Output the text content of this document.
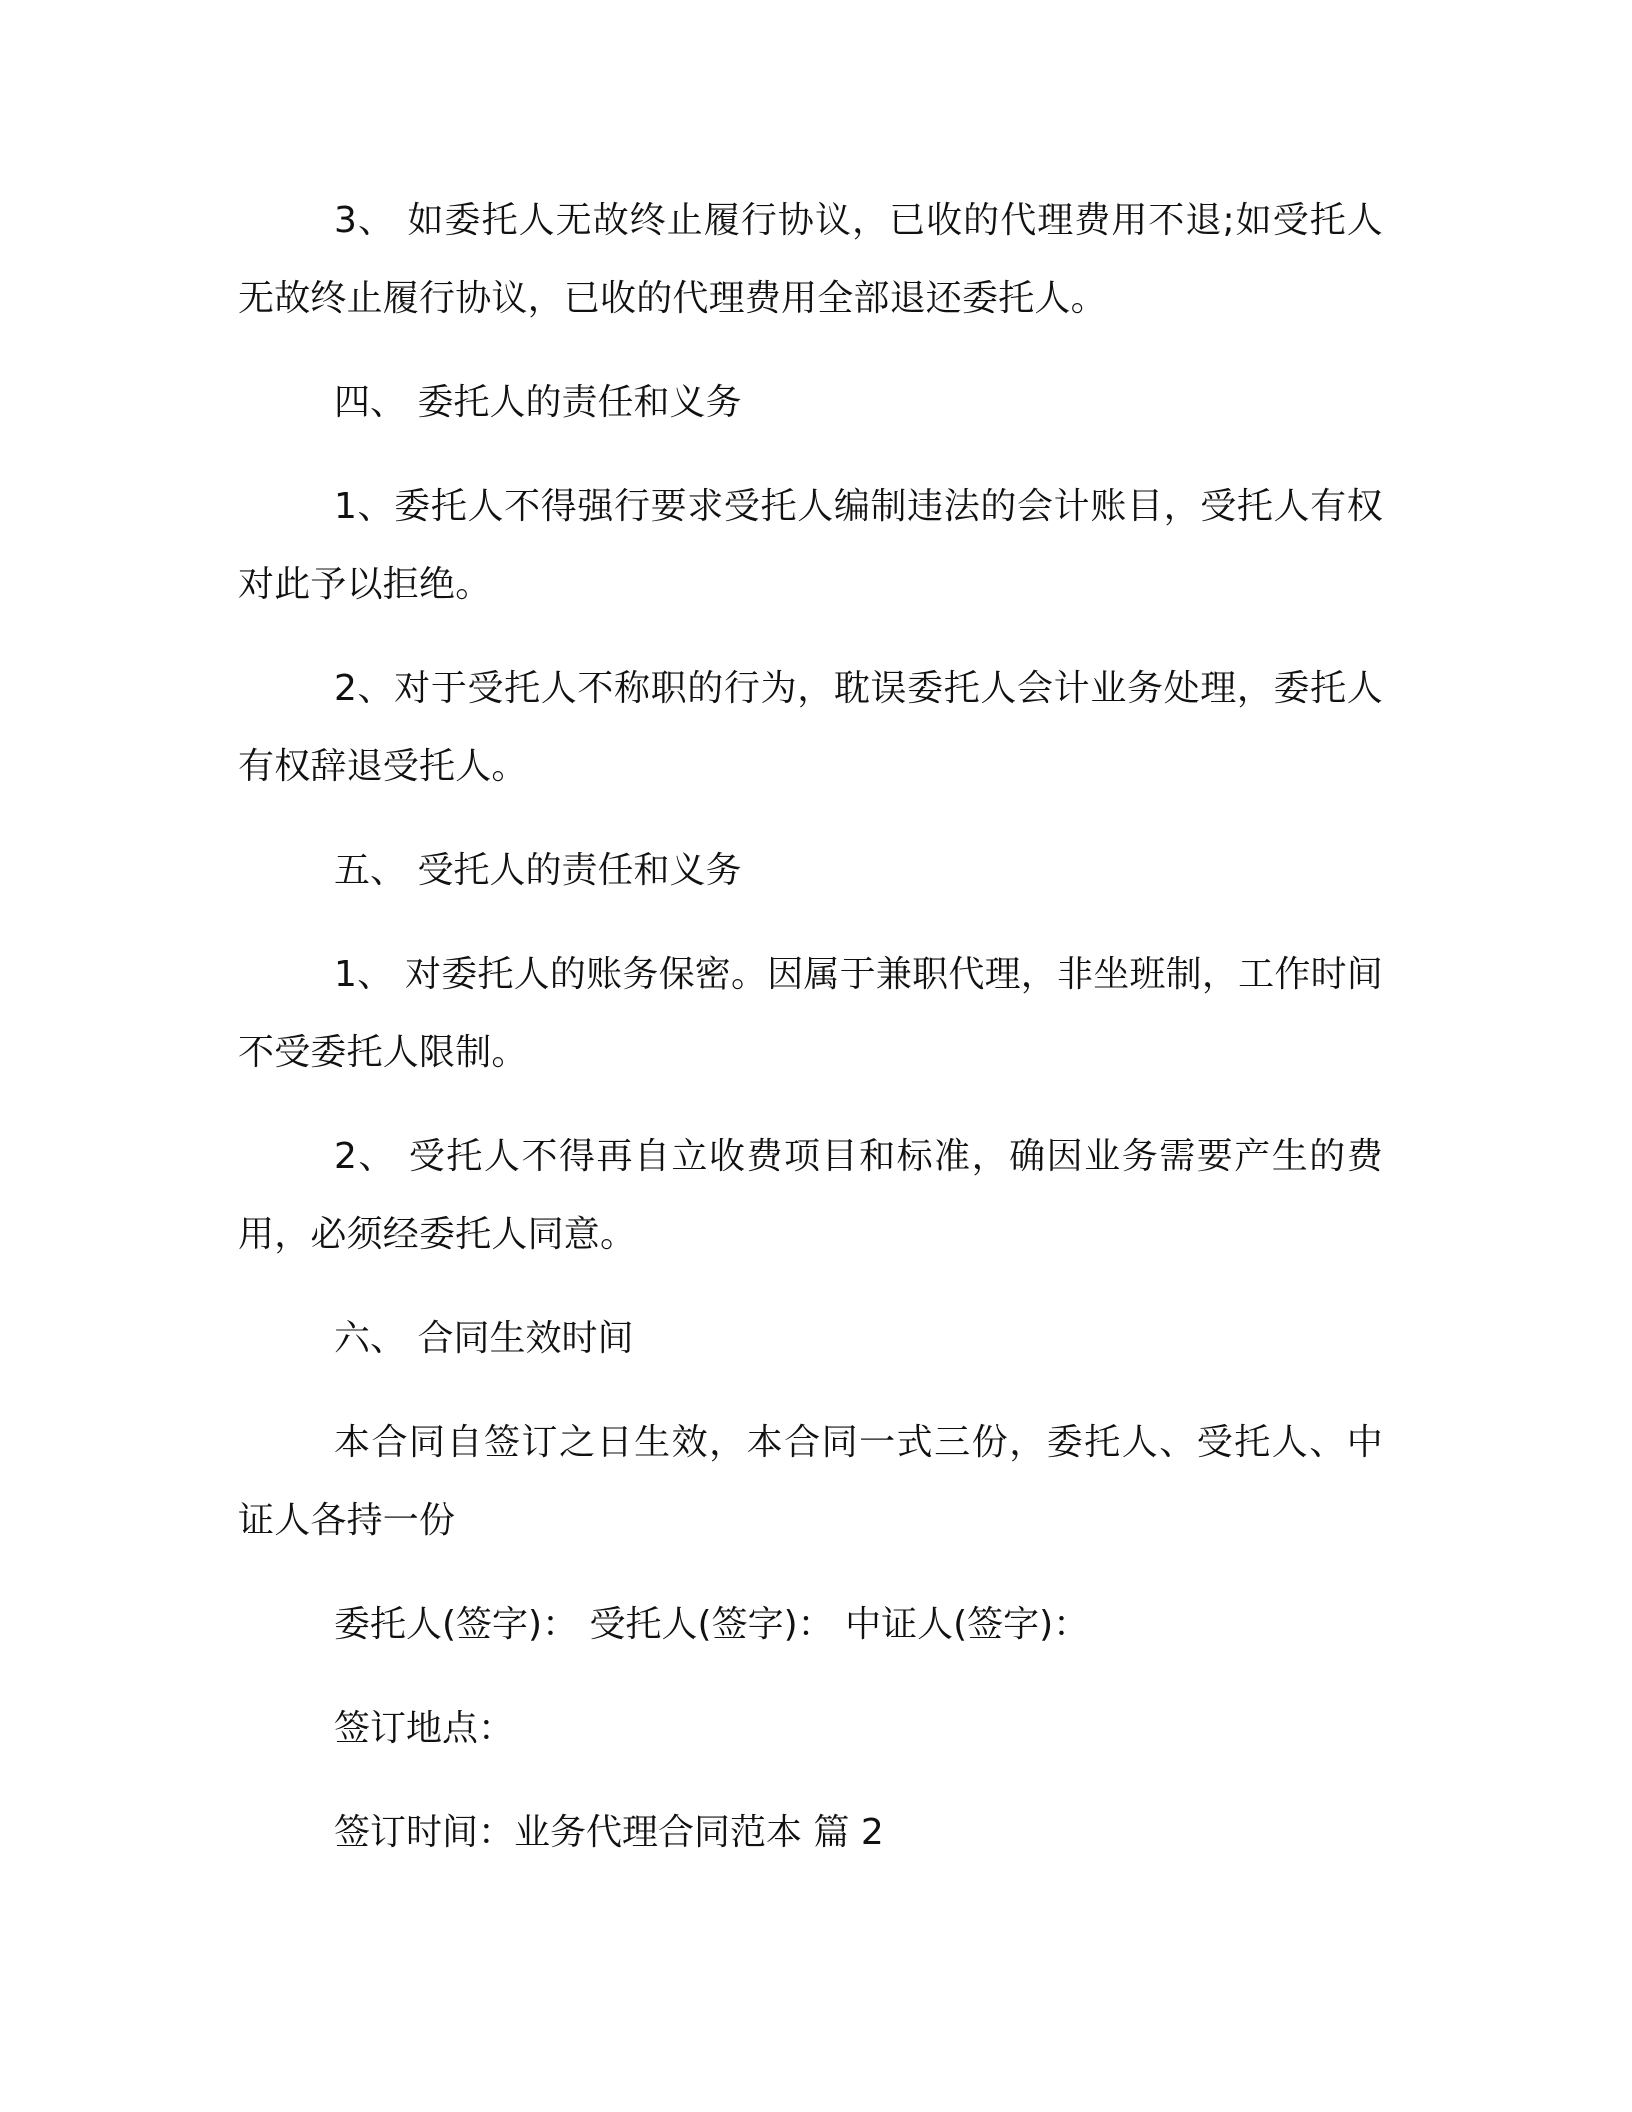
3、 如委托人无故终止履行协议，已收的代理费用不退;如受托人无故终止履行协议，已收的代理费用全部退还委托人。

四、 委托人的责任和义务

1、委托人不得强行要求受托人编制违法的会计账目，受托人有权对此予以拒绝。

2、对于受托人不称职的行为，耽误委托人会计业务处理，委托人有权辞退受托人。

五、 受托人的责任和义务

1、 对委托人的账务保密。因属于兼职代理，非坐班制，工作时间不受委托人限制。

2、 受托人不得再自立收费项目和标准，确因业务需要产生的费用，必须经委托人同意。

六、 合同生效时间

本合同自签订之日生效，本合同一式三份，委托人、受托人、中证人各持一份

委托人(签字)： 受托人(签字)： 中证人(签字)：

签订地点：

签订时间：业务代理合同范本 篇 2
